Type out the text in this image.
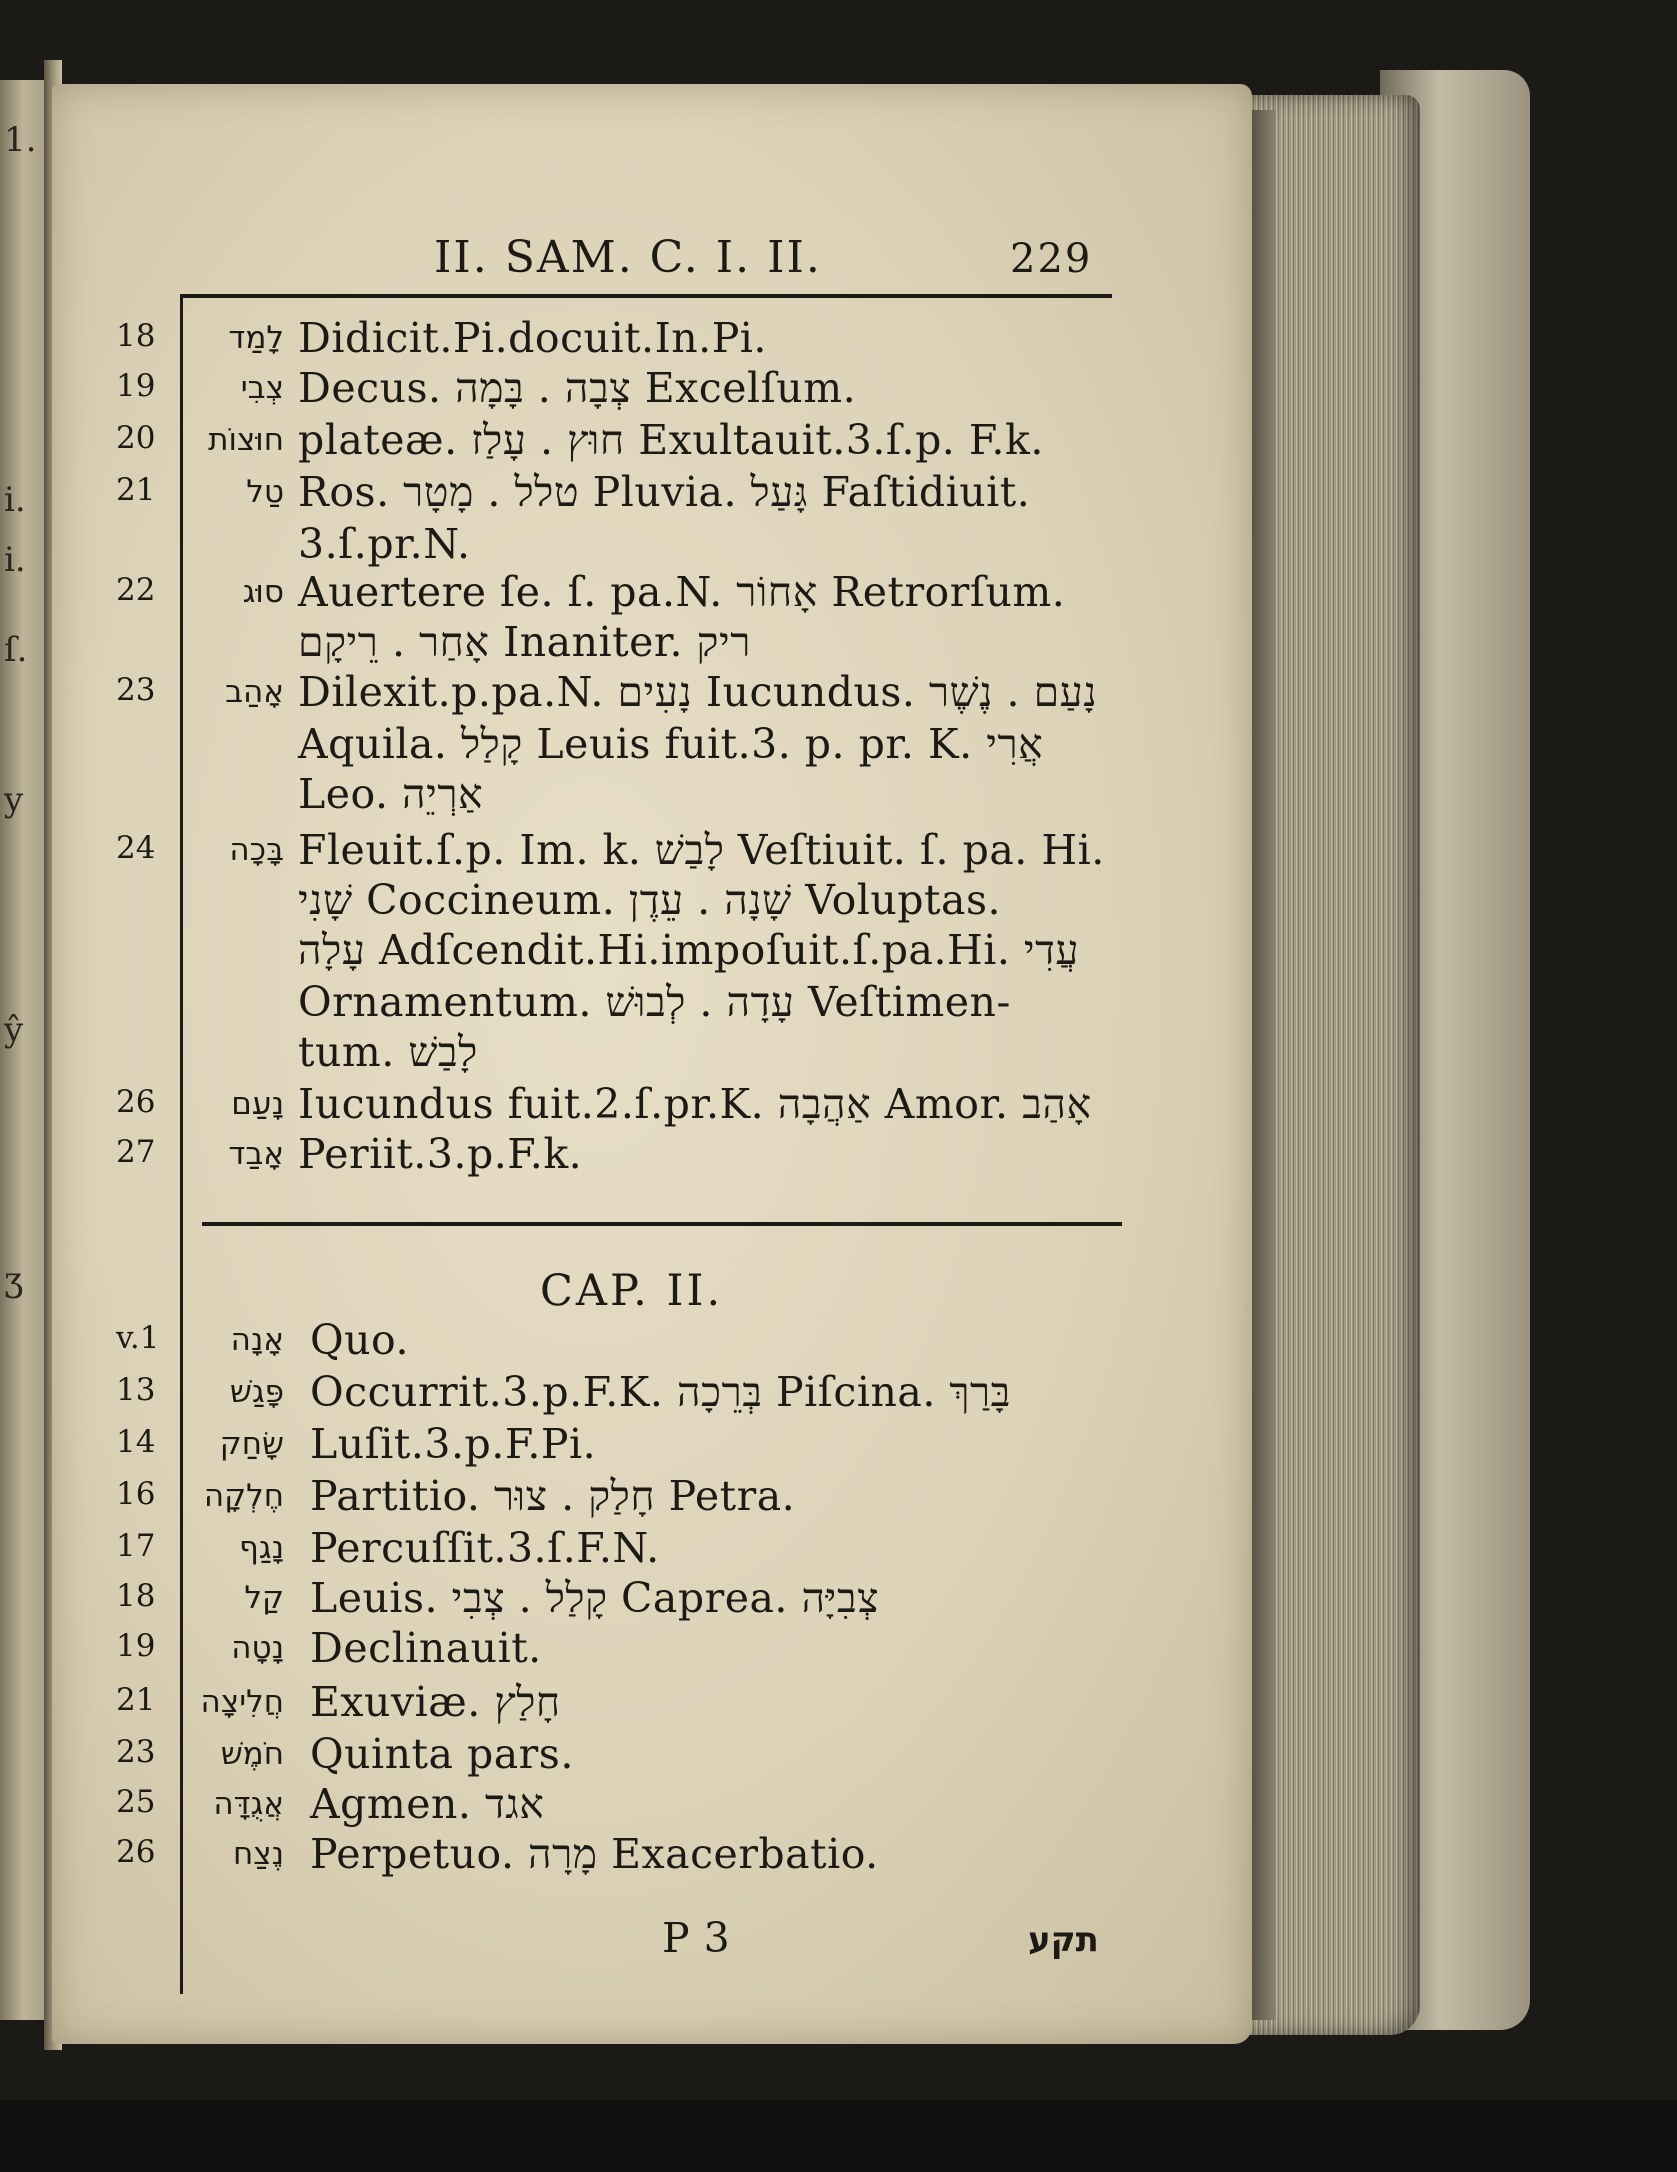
1.
i.
i.
ſ.
y
ŷ
ʒ
II. SAM. C. I. II.	229
CAP. II.
18	לָמַד Didicit.Pi.docuit.In.Pi.
19	צְבִי Decus. צְבָה . בָּמָה Excelſum.
20	חוּצוֹת plateæ. חוּץ . עָלַז Exultauit.3.ſ.p. F.k.
21	טַל Ros. טלל . מָטָר Pluvia. גָּעַל Faſtidiuit.
3.ſ.pr.N.
22	סוּג Auertere ſe. ſ. pa.N. אָחוֹר Retrorſum.
אָחַר . רֵיקָם Inaniter. ריק
23	אָהַב Dilexit.p.pa.N. נָעִים Iucundus. נָעַם . נֶשֶׁר
Aquila. קָלַל Leuis fuit.3. p. pr. K. אֲרִי
Leo. אַרְיֵה
24	בָּכָה Fleuit.ſ.p. Im. k. לָבַשׁ Veſtiuit. ſ. pa. Hi.
שָׁנִי Coccineum. שָׁנָה . עֵדֶן Voluptas.
עָלָה Adſcendit.Hi.impoſuit.ſ.pa.Hi. עֲדִי
Ornamentum. עָדָה . לְבוּשׁ Veſtimen-
tum. לָבַשׁ
26	נָעַם Iucundus fuit.2.ſ.pr.K. אַהֲבָה Amor. אָהַב
27	אָבַד Periit.3.p.F.k.
v.1	אָנָה Quo.
13	פָּגַשׁ Occurrit.3.p.F.K. בְּרֵכָה Piſcina. בָּרַךְ
14	שָׂחַק Luſit.3.p.F.Pi.
16	חֶלְקָה Partitio. חָלַק . צוּר Petra.
17	נָגַף Percuſſit.3.ſ.F.N.
18	קַל Leuis. קָלַל . צְבִי Caprea. צְבִיָּה
19	נָטָה Declinauit.
21	חֲלִיצָה Exuviæ. חָלַץ
23	חֹמֶשׁ Quinta pars.
25	אֲגֻדָּה Agmen. אגד
26	נֶצַח Perpetuo. מָרָה Exacerbatio.
P 3	תקע
